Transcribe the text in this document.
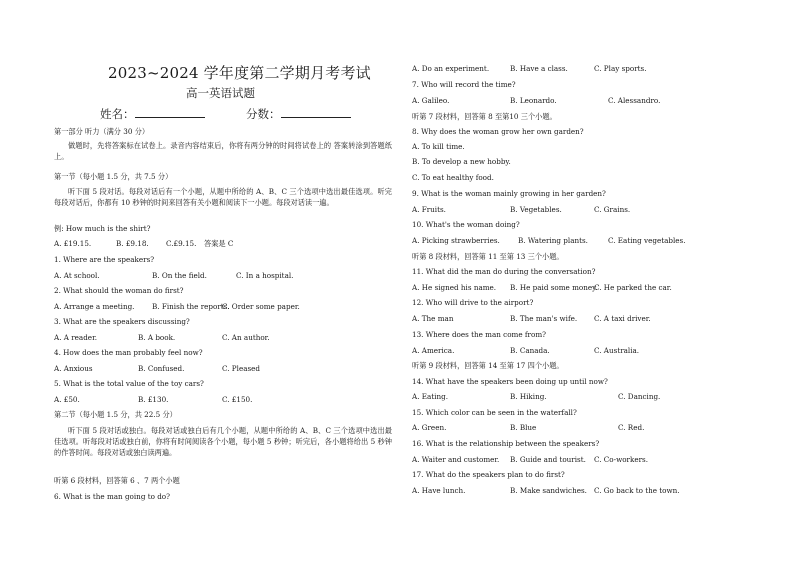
2023~2024 学年度第二学期月考考试
高一英语试题
姓名：	分数：
第一部分 听力（满分 30 分）
做题时，先将答案标在试卷上。录音内容结束后，你将有两分钟的时间将试卷上的 答案转涂到答题纸上。
第一节（每小题 1.5 分，共 7.5 分）
听下面 5 段对话。每段对话后有一个小题，从题中所给的 A、B、C 三个选项中选出最佳选项。听完每段对话后，你都有 10 秒钟的时间来回答有关小题和阅读下一小题。每段对话读一遍。
例: How much is the shirt?
A. £19.15.	B. £9.18. C.£9.15. 答案是 C
1. Where are the speakers?
A. At school.	B. On the field.	C. In a hospital.
2. What should the woman do first?
A. Arrange a meeting. B. Finish the reports.
C. Order some paper.
3. What are the speakers discussing?
A. A reader.	B. A book.	C. An author.
4. How does the man probably feel now?
A. Anxious	B. Confused.	C. Pleased
5. What is the total value of the toy cars?
A. £50.	B. £130.	C. £150.
第二节（每小题 1.5 分，共 22.5 分）
听下面 5 段对话或独白。每段对话或独白后有几个小题，从题中所给的 A、B、C 三个选项中选出最佳选项。听每段对话或独白前，你将有时间阅读各个小题，每小题 5 秒钟；听完后，各小题将给出 5 秒钟的作答时间。每段对话或独白读两遍。
听第 6 段材料，回答第 6 、7 两个小题
6. What is the man going to do?
A. Do an experiment.	B. Have a class.	C. Play sports.
7. Who will record the time?
A. Galileo.	B. Leonardo.	C. Alessandro.
听第 7 段材料，回答第 8 至第10 三个小题。
8. Why does the woman grow her own garden?
A. To kill time.
B. To develop a new hobby.
C. To eat healthy food.
9. What is the woman mainly growing in her garden?
A. Fruits.	B. Vegetables.	C. Grains.
10. What's the woman doing?
A. Picking strawberries.	B. Watering plants.	C. Eating vegetables.
听第 8 段材料，回答第 11 至第 13 三个小题。
11. What did the man do during the conversation?
A. He signed his name. B. He paid some money.
C. He parked the car.
12. Who will drive to the airport?
A. The man	B. The man's wife. C. A taxi driver.
13. Where does the man come from?
A. America.	B. Canada.	C. Australia.
听第 9 段材料，回答第 14 至第 17 四个小题。
14. What have the speakers been doing up until now?
A. Eating.	B. Hiking.	C. Dancing.
15. Which color can be seen in the waterfall?
A. Green.	B. Blue	C. Red.
16. What is the relationship between the speakers?
A. Waiter and customer. B. Guide and tourist. C. Co-workers.
17. What do the speakers plan to do first?
A. Have lunch.	B. Make sandwiches. C. Go back to the town.
